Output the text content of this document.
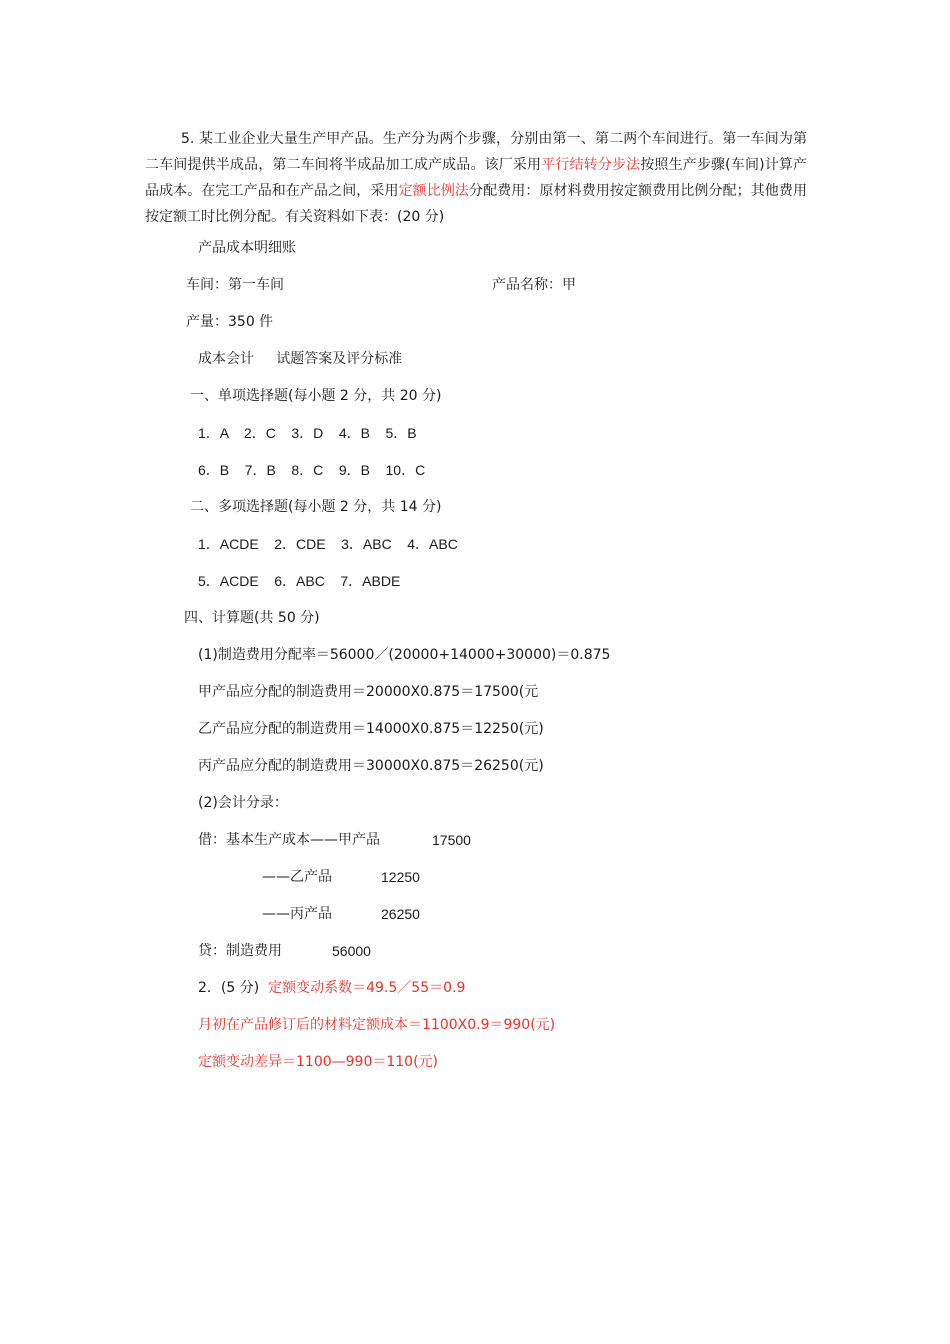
5. 某工业企业大量生产甲产品。生产分为两个步骤，分别由第一、第二两个车间进行。第一车间为第二车间提供半成品，第二车间将半成品加工成产成品。该厂采用平行结转分步法按照生产步骤(车间)计算产品成本。在完工产品和在产品之间，采用定额比例法分配费用：原材料费用按定额费用比例分配；其他费用按定额工时比例分配。有关资料如下表：(20 分)

产品成本明细账
车间：第一车间	产品名称：甲
产量：350 件
成本会计     试题答案及评分标准
一、单项选择题(每小题 2 分，共 20 分)
1．A    2．C    3．D    4．B    5．B
6．B    7．B    8．C    9．B    10．C
二、多项选择题(每小题 2 分，共 14 分)
1．ACDE    2．CDE    3．ABC    4．ABC
5．ACDE    6．ABC    7．ABDE
四、计算题(共 50 分)
(1)制造费用分配率＝56000／(20000+14000+30000)＝0.875
甲产品应分配的制造费用＝20000X0.875＝17500(元
乙产品应分配的制造费用＝14000X0.875＝12250(元)
丙产品应分配的制造费用＝30000X0.875＝26250(元)
(2)会计分录：
借：基本生产成本——甲产品	17500
——乙产品	12250
——丙产品	26250
贷：制造费用	56000
2．(5 分) 定额变动系数＝49.5／55＝0.9
月初在产品修订后的材料定额成本＝1100X0.9＝990(元)
定额变动差异＝1100—990＝110(元)
